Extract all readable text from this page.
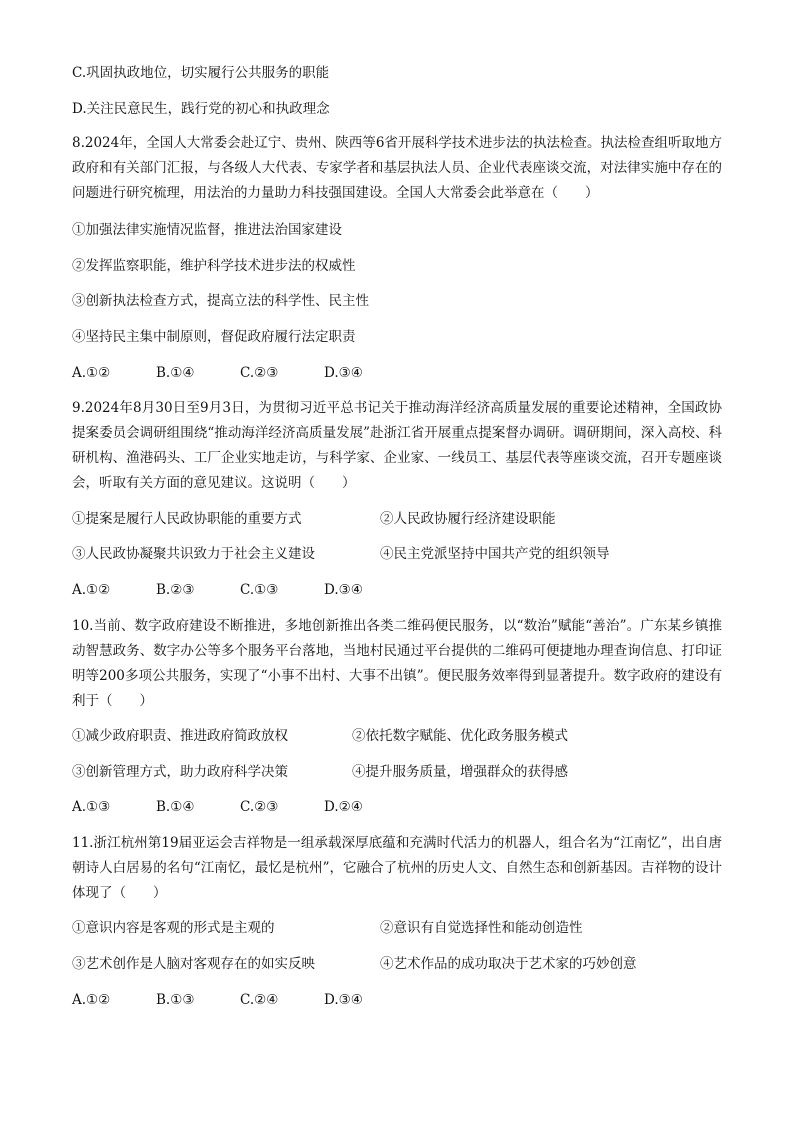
C.巩固执政地位，切实履行公共服务的职能
D.关注民意民生，践行党的初心和执政理念
8.2024年，全国人大常委会赴辽宁、贵州、陕西等6省开展科学技术进步法的执法检查。执法检查组听取地方政府和有关部门汇报，与各级人大代表、专家学者和基层执法人员、企业代表座谈交流，对法律实施中存在的问题进行研究梳理，用法治的力量助力科技强国建设。全国人大常委会此举意在（　　）
①加强法律实施情况监督，推进法治国家建设
②发挥监察职能，维护科学技术进步法的权威性
③创新执法检查方式，提高立法的科学性、民主性
④坚持民主集中制原则，督促政府履行法定职责
A.①②	B.①④	C.②③	D.③④
9.2024年8月30日至9月3日，为贯彻习近平总书记关于推动海洋经济高质量发展的重要论述精神，全国政协提案委员会调研组围绕“推动海洋经济高质量发展”赴浙江省开展重点提案督办调研。调研期间，深入高校、科研机构、渔港码头、工厂企业实地走访，与科学家、企业家、一线员工、基层代表等座谈交流，召开专题座谈会，听取有关方面的意见建议。这说明（　　）
①提案是履行人民政协职能的重要方式	②人民政协履行经济建设职能
③人民政协凝聚共识致力于社会主义建设	④民主党派坚持中国共产党的组织领导
A.①②	B.②③	C.①③	D.③④
10.当前、数字政府建设不断推进，多地创新推出各类二维码便民服务，以“数治”赋能“善治”。广东某乡镇推动智慧政务、数字办公等多个服务平台落地，当地村民通过平台提供的二维码可便捷地办理查询信息、打印证明等200多项公共服务，实现了“小事不出村、大事不出镇”。便民服务效率得到显著提升。数字政府的建设有利于（　　）
①减少政府职责、推进政府简政放权	②依托数字赋能、优化政务服务模式
③创新管理方式，助力政府科学决策	④提升服务质量，增强群众的获得感
A.①③	B.①④	C.②③	D.②④
11.浙江杭州第19届亚运会吉祥物是一组承载深厚底蕴和充满时代活力的机器人，组合名为“江南忆”，出自唐朝诗人白居易的名句“江南忆，最忆是杭州”，它融合了杭州的历史人文、自然生态和创新基因。吉祥物的设计体现了（　　）
①意识内容是客观的形式是主观的	②意识有自觉选择性和能动创造性
③艺术创作是人脑对客观存在的如实反映	④艺术作品的成功取决于艺术家的巧妙创意
A.①②	B.①③	C.②④	D.③④
